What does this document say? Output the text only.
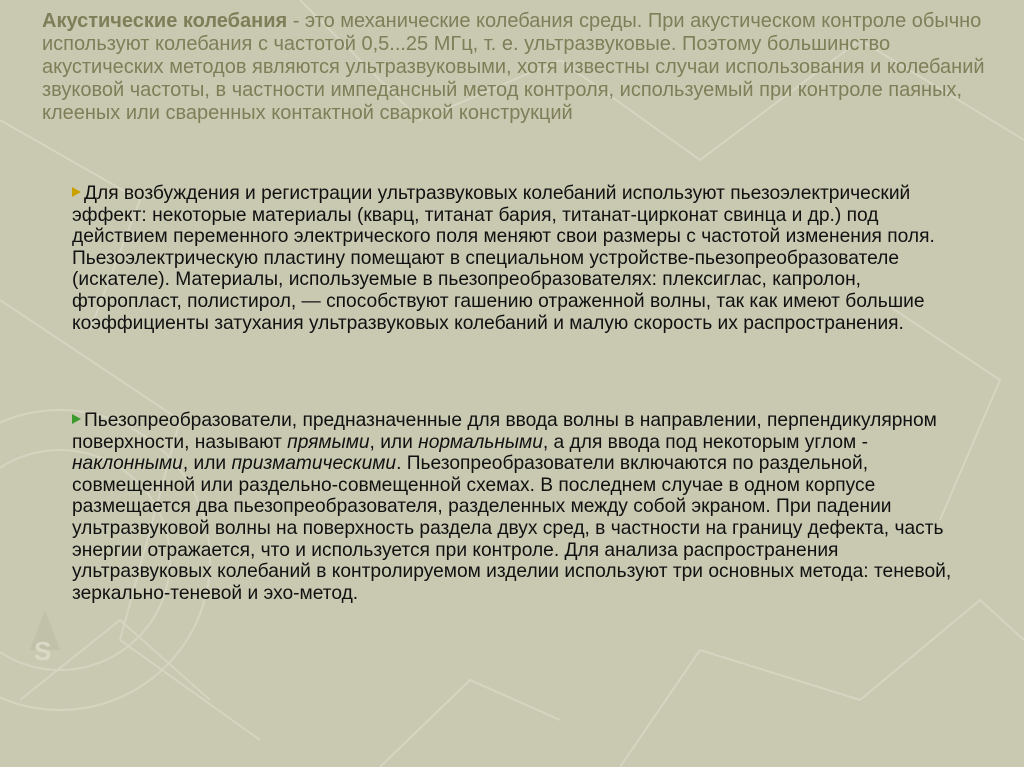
S

Акустические колебания - это механические колебания среды. При акустическом контроле обычно используют колебания с частотой 0,5...25 МГц, т. е. ультразвуковые. Поэтому большинство акустических методов являются ультразвуковыми, хотя известны случаи использования и колебаний звуковой частоты, в частности импедансный метод контроля, используемый при контроле паяных, клееных или сваренных контактной сваркой конструкций

Для возбуждения и регистрации ультразвуковых колебаний используют пьезоэлектрический эффект: некоторые материалы (кварц, титанат бария, титанат-цирконат свинца и др.) под действием переменного электрического поля меняют свои размеры с частотой изменения поля. Пьезоэлектрическую пластину помещают в специальном устройстве-пьезопреобразователе (искателе). Материалы, используемые в пьезопреобразователях: плексиглас, капролон, фторопласт, полистирол, — способствуют гашению отраженной волны, так как имеют большие коэффициенты затухания ультразвуковых колебаний и малую скорость их распространения.

Пьезопреобразователи, предназначенные для ввода волны в направлении, перпендикулярном поверхности, называют прямыми, или нормальными, а для ввода под некоторым углом - наклонными, или призматическими. Пьезопреобразователи включаются по раздельной, совмещенной или раздельно-совмещенной схемах. В последнем случае в одном корпусе размещается два пьезопреобразователя, разделенных между собой экраном. При падении ультразвуковой волны на поверхность раздела двух сред, в частности на границу дефекта, часть энергии отражается, что и используется при контроле. Для анализа распространения ультразвуковых колебаний в контролируемом изделии используют три основных метода: теневой, зеркально-теневой и эхо-метод.
